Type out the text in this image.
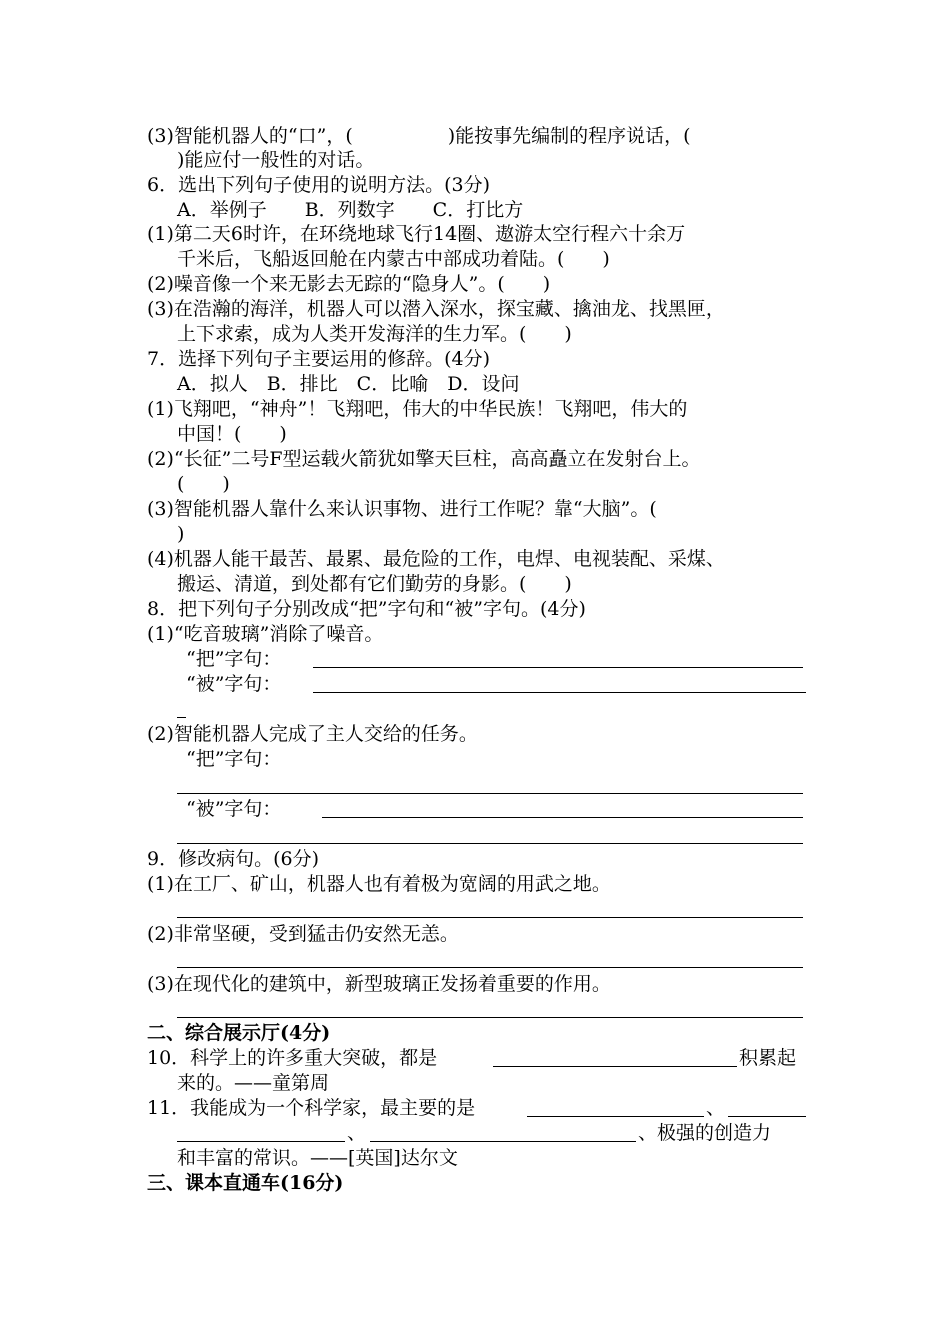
(3)智能机器人的“口”，(　　　　　)能按事先编制的程序说话，(
)能应付一般性的对话。
6．选出下列句子使用的说明方法。(3分)
A．举例子　　B．列数字　　C．打比方
(1)第二天6时许，在环绕地球飞行14圈、遨游太空行程六十余万
千米后，飞船返回舱在内蒙古中部成功着陆。(　　)
(2)噪音像一个来无影去无踪的“隐身人”。(　　)
(3)在浩瀚的海洋，机器人可以潜入深水，探宝藏、擒油龙、找黑匣，
上下求索，成为人类开发海洋的生力军。(　　)
7．选择下列句子主要运用的修辞。(4分)
A．拟人　B．排比　C．比喻　D．设问
(1)飞翔吧，“神舟”！飞翔吧，伟大的中华民族！飞翔吧，伟大的
中国！(　　)
(2)“长征”二号F型运载火箭犹如擎天巨柱，高高矗立在发射台上。
(　　)
(3)智能机器人靠什么来认识事物、进行工作呢？靠“大脑”。(
)
(4)机器人能干最苦、最累、最危险的工作，电焊、电视装配、采煤、
搬运、清道，到处都有它们勤劳的身影。(　　)
8．把下列句子分别改成“把”字句和“被”字句。(4分)
(1)“吃音玻璃”消除了噪音。
“把”字句：
“被”字句：
(2)智能机器人完成了主人交给的任务。
“把”字句：
“被”字句：
9．修改病句。(6分)
(1)在工厂、矿山，机器人也有着极为宽阔的用武之地。
(2)非常坚硬，受到猛击仍安然无恙。
(3)在现代化的建筑中，新型玻璃正发扬着重要的作用。
二、综合展示厅(4分)
10．科学上的许多重大突破，都是	积累起
来的。——童第周
11．我能成为一个科学家，最主要的是	、
、	、极强的创造力
和丰富的常识。——[英国]达尔文
三、课本直通车(16分)
